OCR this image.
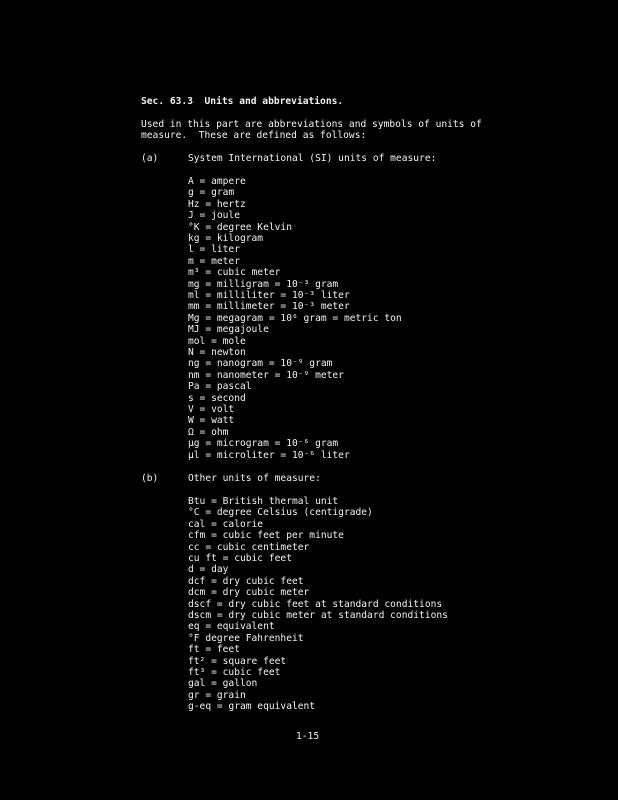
Sec. 63.3  Units and abbreviations.
Used in this part are abbreviations and symbols of units of
measure.  These are defined as follows:
(a)	System International (SI) units of measure:
A = ampere
g = gram
Hz = hertz
J = joule
°K = degree Kelvin
kg = kilogram
l = liter
m = meter
m³ = cubic meter
mg = milligram = 10⁻³ gram
ml = milliliter = 10⁻³ liter
mm = millimeter = 10⁻³ meter
Mg = megagram = 10⁶ gram = metric ton
MJ = megajoule
mol = mole
N = newton
ng = nanogram = 10⁻⁹ gram
nm = nanometer = 10⁻⁹ meter
Pa = pascal
s = second
V = volt
W = watt
Ω = ohm
µg = microgram = 10⁻⁶ gram
µl = microliter = 10⁻⁶ liter
(b)	Other units of measure:
Btu = British thermal unit
°C = degree Celsius (centigrade)
cal = calorie
cfm = cubic feet per minute
cc = cubic centimeter
cu ft = cubic feet
d = day
dcf = dry cubic feet
dcm = dry cubic meter
dscf = dry cubic feet at standard conditions
dscm = dry cubic meter at standard conditions
eq = equivalent
°F degree Fahrenheit
ft = feet
ft² = square feet
ft³ = cubic feet
gal = gallon
gr = grain
g-eq = gram equivalent
1-15
